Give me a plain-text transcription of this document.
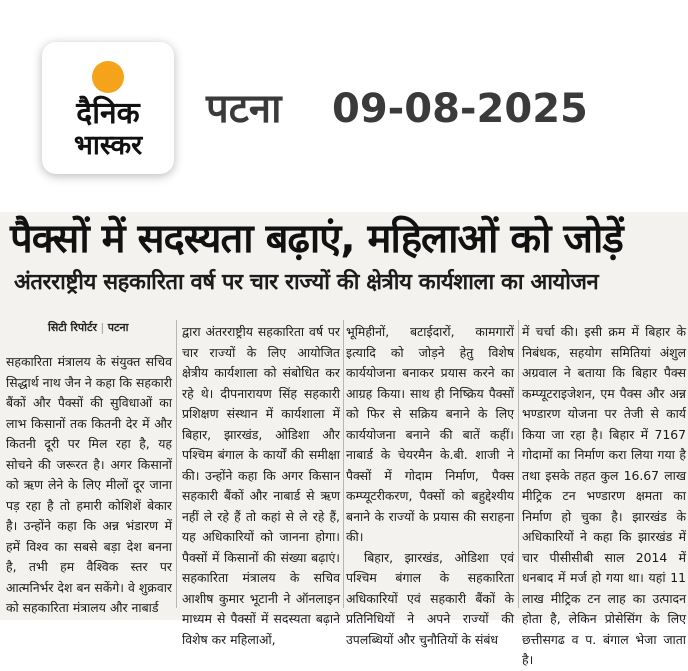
दैनिक
भास्कर
पटना 09-08-2025
पैक्सों में सदस्यता बढ़ाएं, महिलाओं को जोड़ें
अंतरराष्ट्रीय सहकारिता वर्ष पर चार राज्यों की क्षेत्रीय कार्यशाला का आयोजन
सिटी रिपोर्टर | पटना

सहकारिता मंत्रालय के संयुक्त सचिव सिद्धार्थ नाथ जैन ने कहा कि सहकारी बैंकों और पैक्सों की सुविधाओं का लाभ किसानों तक कितनी देर में और कितनी दूरी पर मिल रहा है, यह सोचने की जरूरत है। अगर किसानों को ऋण लेने के लिए मीलों दूर जाना पड़ रहा है तो हमारी कोशिशें बेकार है। उन्होंने कहा कि अन्न भंडारण में हमें विश्व का सबसे बड़ा देश बनना है, तभी हम वैश्विक स्तर पर आत्मनिर्भर देश बन सकेंगे। वे शुक्रवार को सहकारिता मंत्रालय और नाबार्ड

द्वारा अंतरराष्ट्रीय सहकारिता वर्ष पर चार राज्यों के लिए आयोजित क्षेत्रीय कार्यशाला को संबोधित कर रहे थे। दीपनारायण सिंह सहकारी प्रशिक्षण संस्थान में कार्यशाला में बिहार, झारखंड, ओडिशा और पश्चिम बंगाल के कार्यों की समीक्षा की। उन्होंने कहा कि अगर किसान सहकारी बैंकों और नाबार्ड से ऋण नहीं ले रहे हैं तो कहां से ले रहे हैं, यह अधिकारियों को जानना होगा। पैक्सों में किसानों की संख्या बढ़ाएं। सहकारिता मंत्रालय के सचिव आशीष कुमार भूटानी ने ऑनलाइन माध्यम से पैक्सों में सदस्यता बढ़ाने विशेष कर महिलाओं,

भूमिहीनों, बटाईदारों, कामगारों इत्यादि को जोड़ने हेतु विशेष कार्ययोजना बनाकर प्रयास करने का आग्रह किया। साथ ही निष्क्रिय पैक्सों को फिर से सक्रिय बनाने के लिए कार्ययोजना बनाने की बातें कहीं। नाबार्ड के चेयरमैन के.बी. शाजी ने पैक्सों में गोदाम निर्माण, पैक्स कम्प्यूटरीकरण, पैक्सों को बहुद्देश्यीय बनाने के राज्यों के प्रयास की सराहना की।

बिहार, झारखंड, ओडिशा एवं पश्चिम बंगाल के सहकारिता अधिकारियों एवं सहकारी बैंकों के प्रतिनिधियों ने अपने राज्यों की उपलब्धियों और चुनौतियों के संबंध

में चर्चा की। इसी क्रम में बिहार के निबंधक, सहयोग समितियां अंशुल अग्रवाल ने बताया कि बिहार पैक्स कम्प्यूटराइजेशन, एम पैक्स और अन्न भण्डारण योजना पर तेजी से कार्य किया जा रहा है। बिहार में 7167 गोदामों का निर्माण करा लिया गया है तथा इसके तहत कुल 16.67 लाख मीट्रिक टन भण्डारण क्षमता का निर्माण हो चुका है। झारखंड के अधिकारियों ने कहा कि झारखंड में चार पीसीसीबी साल 2014 में धनबाद में मर्ज हो गया था। यहां 11 लाख मीट्रिक टन लाह का उत्पादन होता है, लेकिन प्रोसेसिंग के लिए छत्तीसगढ व प. बंगाल भेजा जाता है।
